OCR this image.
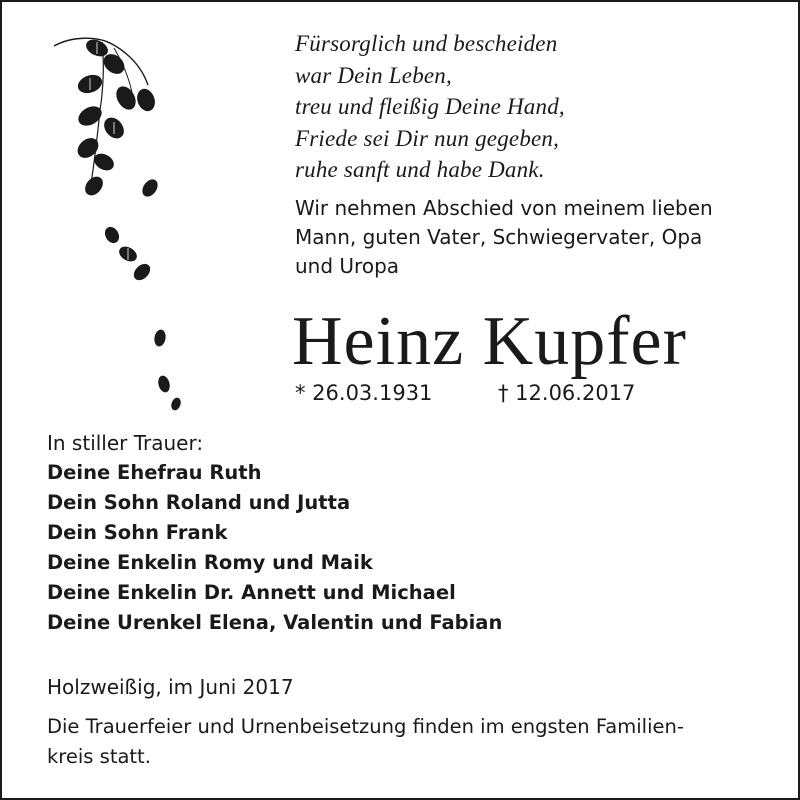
Fürsorglich und bescheiden
war Dein Leben,
treu und fleißig Deine Hand,
Friede sei Dir nun gegeben,
ruhe sanft und habe Dank.
Wir nehmen Abschied von meinem lieben
Mann, guten Vater, Schwiegervater, Opa
und Uropa
Heinz Kupfer
* 26.03.1931	† 12.06.2017
In stiller Trauer:
Deine Ehefrau Ruth
Dein Sohn Roland und Jutta
Dein Sohn Frank
Deine Enkelin Romy und Maik
Deine Enkelin Dr. Annett und Michael
Deine Urenkel Elena, Valentin und Fabian
Holzweißig, im Juni 2017
Die Trauerfeier und Urnenbeisetzung finden im engsten Familien-
kreis statt.
